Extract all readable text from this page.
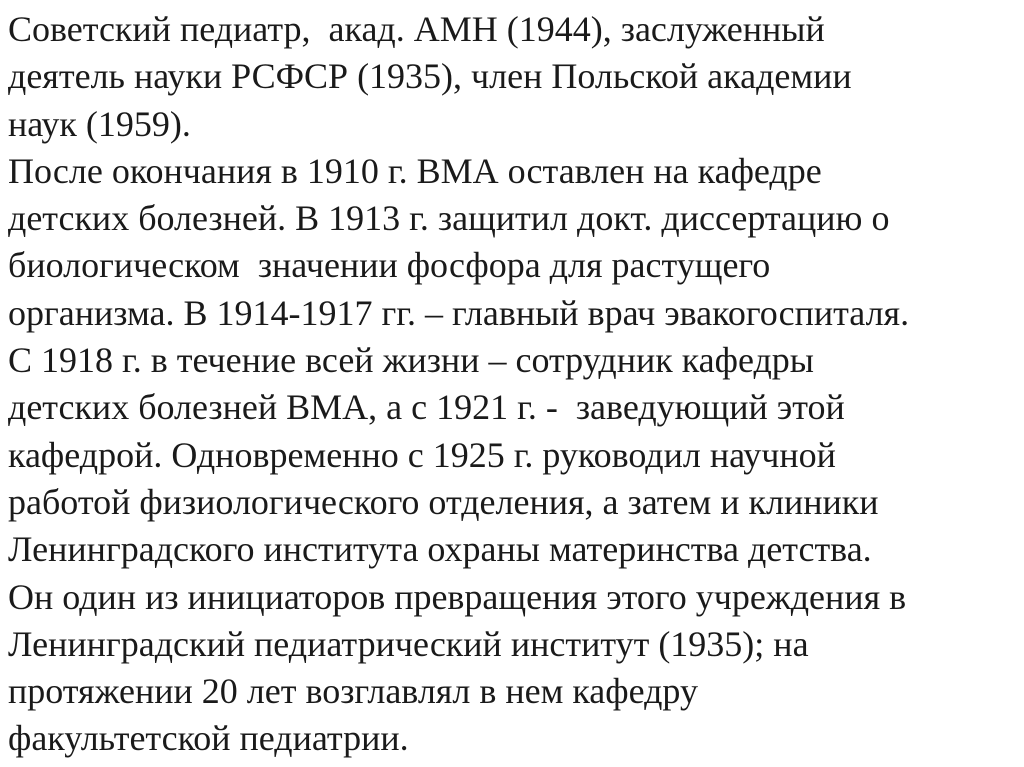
Советский педиатр,  акад. АМН (1944), заслуженный
деятель науки РСФСР (1935), член Польской академии
наук (1959).
После окончания в 1910 г. ВМА оставлен на кафедре
детских болезней. В 1913 г. защитил докт. диссертацию о
биологическом  значении фосфора для растущего
организма. В 1914-1917 гг. – главный врач эвакогоспиталя.
С 1918 г. в течение всей жизни – сотрудник кафедры
детских болезней ВМА, а с 1921 г. -  заведующий этой
кафедрой. Одновременно с 1925 г. руководил научной
работой физиологического отделения, а затем и клиники
Ленинградского института охраны материнства детства.
Он один из инициаторов превращения этого учреждения в
Ленинградский педиатрический институт (1935); на
протяжении 20 лет возглавлял в нем кафедру
факультетской педиатрии.
